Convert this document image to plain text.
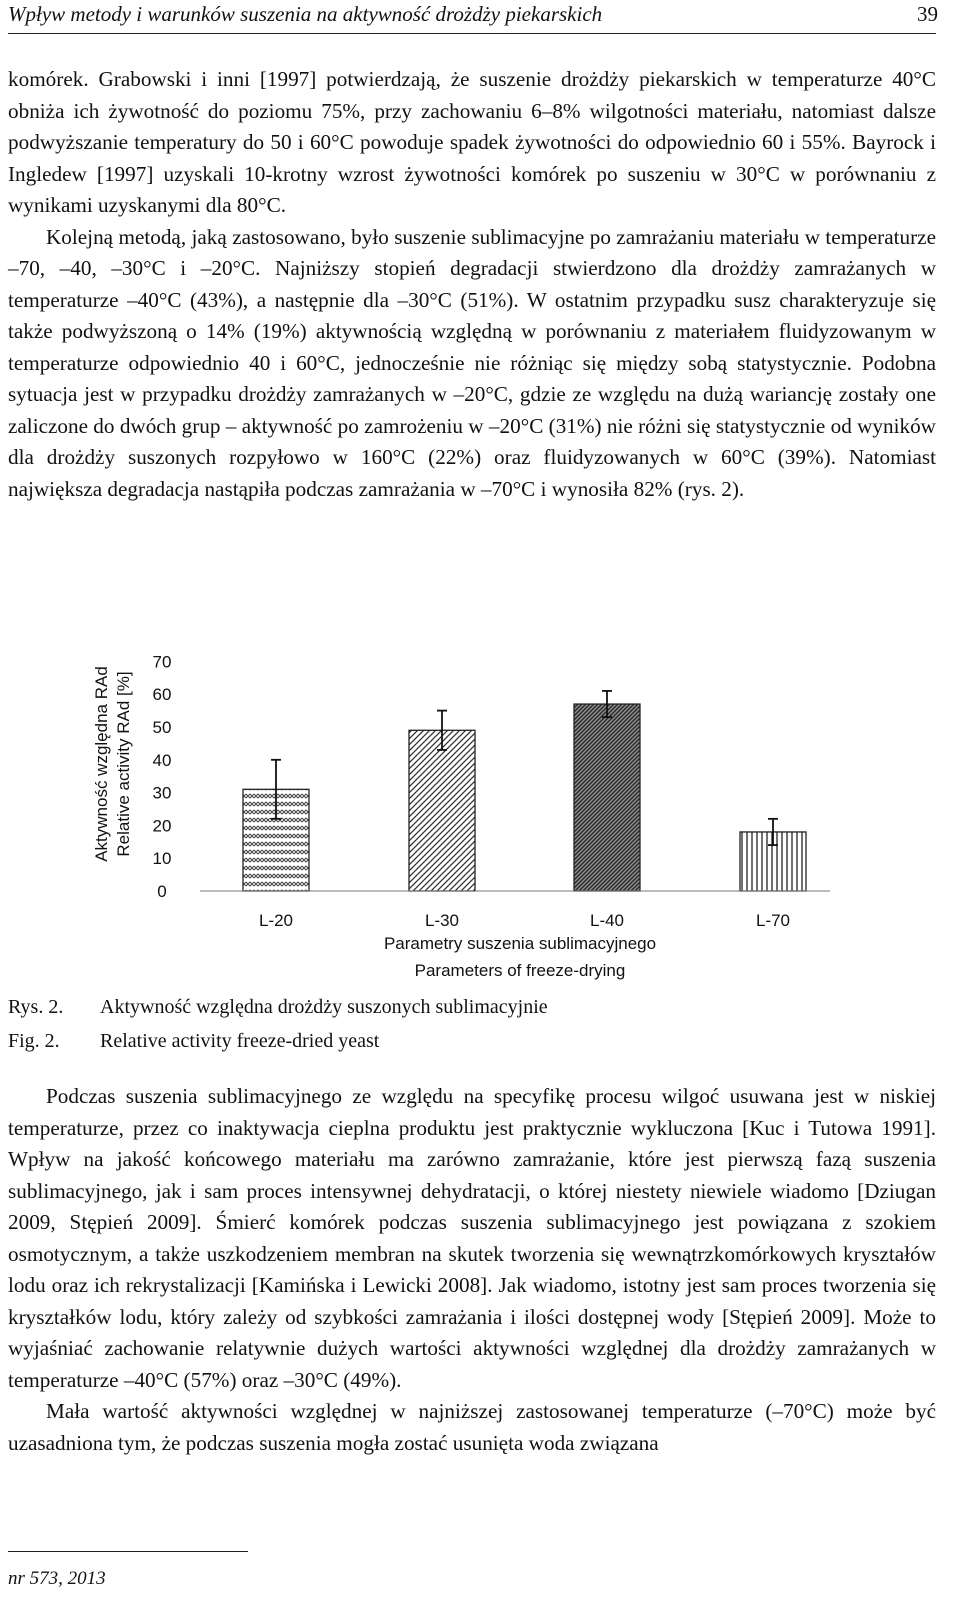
Wpływ metody i warunków suszenia na aktywność drożdży piekarskich	39

komórek. Grabowski i inni [1997] potwierdzają, że suszenie drożdży piekarskich w temperaturze 40°C obniża ich żywotność do poziomu 75%, przy zachowaniu 6–8% wilgotności materiału, natomiast dalsze podwyższanie temperatury do 50 i 60°C powoduje spadek żywotności do odpowiednio 60 i 55%. Bayrock i Ingledew [1997] uzyskali 10-krotny wzrost żywotności komórek po suszeniu w 30°C w porównaniu z wynikami uzyskanymi dla 80°C.

Kolejną metodą, jaką zastosowano, było suszenie sublimacyjne po zamrażaniu materiału w temperaturze –70, –40, –30°C i –20°C. Najniższy stopień degradacji stwierdzono dla drożdży zamrażanych w temperaturze –40°C (43%), a następnie dla –30°C (51%). W ostatnim przypadku susz charakteryzuje się także podwyższoną o 14% (19%) aktywnością względną w porównaniu z materiałem fluidyzowanym w temperaturze odpowiednio 40 i 60°C, jednocześnie nie różniąc się między sobą statystycznie. Podobna sytuacja jest w przypadku drożdży zamrażanych w –20°C, gdzie ze względu na dużą wariancję zostały one zaliczone do dwóch grup – aktywność po zamrożeniu w –20°C (31%) nie różni się statystycznie od wyników dla drożdży suszonych rozpyłowo w 160°C (22%) oraz fluidyzowanych w 60°C (39%). Natomiast największa degradacja nastąpiła podczas zamrażania w –70°C i wynosiła 82% (rys. 2).

Aktywność względna RAd Relative activity RAd [%]
0
10
20
30
40
50
60
70
L-20	L-30	L-40	L-70
Parametry suszenia sublimacyjnego
Parameters of freeze-drying
Rys. 2.	Aktywność względna drożdży suszonych sublimacyjnie
Fig. 2.	Relative activity freeze-dried yeast

Podczas suszenia sublimacyjnego ze względu na specyfikę procesu wilgoć usuwana jest w niskiej temperaturze, przez co inaktywacja cieplna produktu jest praktycznie wykluczona [Kuc i Tutowa 1991]. Wpływ na jakość końcowego materiału ma zarówno zamrażanie, które jest pierwszą fazą suszenia sublimacyjnego, jak i sam proces intensywnej dehydratacji, o której niestety niewiele wiadomo [Dziugan 2009, Stępień 2009]. Śmierć komórek podczas suszenia sublimacyjnego jest powiązana z szokiem osmotycznym, a także uszkodzeniem membran na skutek tworzenia się wewnątrzkomórkowych kryształów lodu oraz ich rekrystalizacji [Kamińska i Lewicki 2008]. Jak wiadomo, istotny jest sam proces tworzenia się kryształków lodu, który zależy od szybkości zamrażania i ilości dostępnej wody [Stępień 2009]. Może to wyjaśniać zachowanie relatywnie dużych wartości aktywności względnej dla drożdży zamrażanych w temperaturze –40°C (57%) oraz –30°C (49%).

Mała wartość aktywności względnej w najniższej zastosowanej temperaturze (–70°C) może być uzasadniona tym, że podczas suszenia mogła zostać usunięta woda związana

nr 573, 2013
